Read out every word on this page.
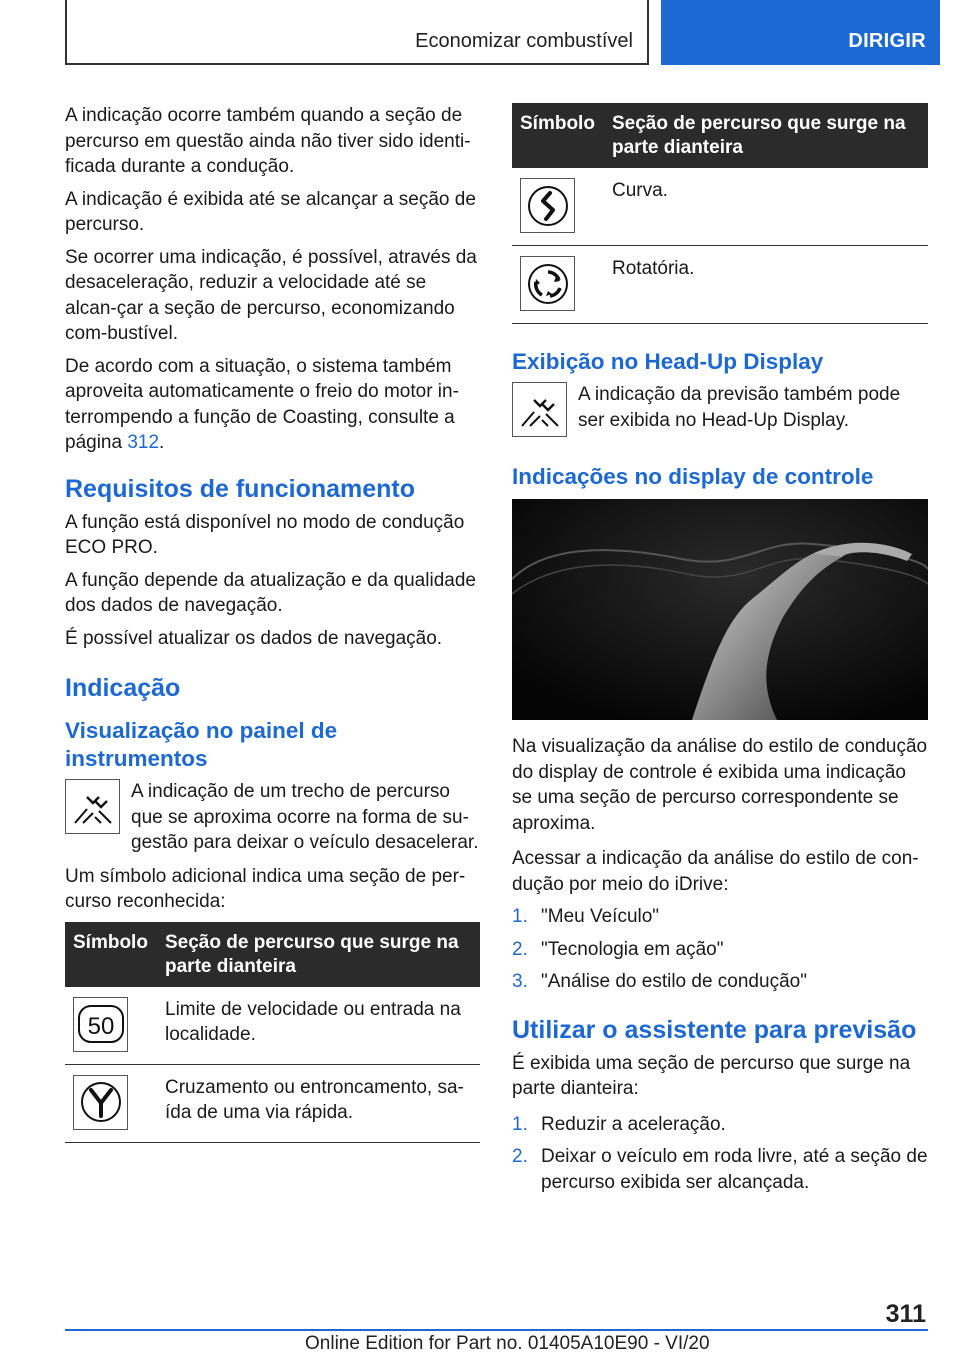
Economizar combustível	DIRIGIR

A indicação ocorre também quando a seção de percurso em questão ainda não tiver sido identi-ficada durante a condução.

A indicação é exibida até se alcançar a seção de percurso.

Se ocorrer uma indicação, é possível, através da desaceleração, reduzir a velocidade até se alcan-çar a seção de percurso, economizando com-bustível.

De acordo com a situação, o sistema também aproveita automaticamente o freio do motor in-terrompendo a função de Coasting, consulte a página 312.

Requisitos de funcionamento

A função está disponível no modo de condução ECO PRO.

A função depende da atualização e da qualidade dos dados de navegação.

É possível atualizar os dados de navegação.

Indicação
Visualização no painel de instrumentos

A indicação de um trecho de percurso que se aproxima ocorre na forma de su-gestão para deixar o veículo desacelerar.

Um símbolo adicional indica uma seção de per-curso reconhecida:

Símbolo	Seção de percurso que surge na parte dianteira

50	Limite de velocidade ou entrada na localidade.

	Cruzamento ou entroncamento, sa-ída de uma via rápida.
Símbolo	Seção de percurso que surge na parte dianteira

	Curva.

	Rotatória.
Exibição no Head-Up Display

A indicação da previsão também pode ser exibida no Head-Up Display.

Indicações no display de controle

Na visualização da análise do estilo de condução do display de controle é exibida uma indicação se uma seção de percurso correspondente se aproxima.

Acessar a indicação da análise do estilo de con-dução por meio do iDrive:

1. "Meu Veículo"
2. "Tecnologia em ação"
3. "Análise do estilo de condução"
Utilizar o assistente para previsão

É exibida uma seção de percurso que surge na parte dianteira:

1. Reduzir a aceleração.
2. Deixar o veículo em roda livre, até a seção de percurso exibida ser alcançada.
311
Online Edition for Part no. 01405A10E90 - VI/20
